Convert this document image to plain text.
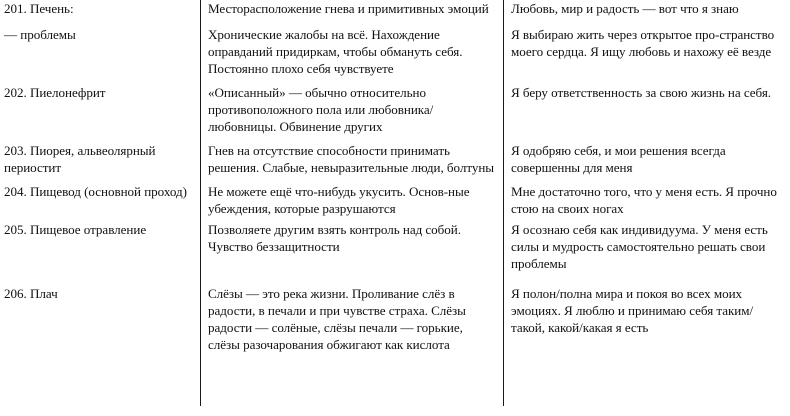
201. Печень:	Месторасположение гнева и примитивных эмоций	Любовь, мир и радость — вот что я знаю

— проблемы	Хронические жалобы на всё. Нахождение оправданий придиркам, чтобы обмануть себя. Постоянно плохо себя чувствуете	Я выбираю жить через открытое про-странство моего сердца. Я ищу любовь и нахожу её везде

202. Пиелонефрит	«Описанный» — обычно относительно противоположного пола или любовника/любовницы. Обвинение других	Я беру ответственность за свою жизнь на себя.

203. Пиорея, альвеолярный периостит	Гнев на отсутствие способности принимать решения. Слабые, невыразительные люди, болтуны	Я одобряю себя, и мои решения всегда совершенны для меня

204. Пищевод (основной проход)	Не можете ещё что-нибудь укусить. Основ-ные убеждения, которые разрушаются	Мне достаточно того, что у меня есть. Я прочно стою на своих ногах

205. Пищевое отравление	Позволяете другим взять контроль над собой. Чувство беззащитности	Я осознаю себя как индивидуума. У меня есть силы и мудрость самостоятельно решать свои проблемы

206. Плач	Слёзы — это река жизни. Проливание слёз в радости, в печали и при чувстве страха. Слёзы радости — солёные, слёзы печали — горькие, слёзы разочарования обжигают как кислота	Я полон/полна мира и покоя во всех моих эмоциях. Я люблю и принимаю себя таким/такой, какой/какая я есть
